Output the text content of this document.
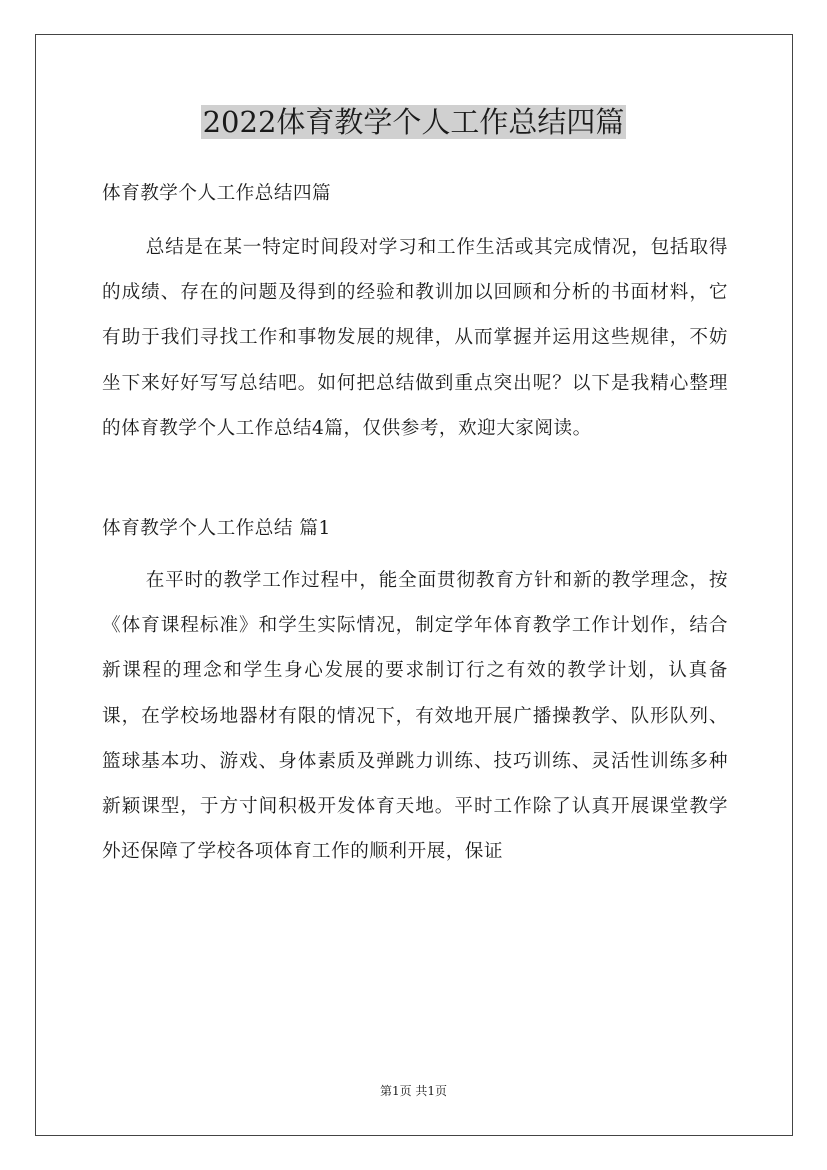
2022体育教学个人工作总结四篇

体育教学个人工作总结四篇

总结是在某一特定时间段对学习和工作生活或其完成情况，包括取得的成绩、存在的问题及得到的经验和教训加以回顾和分析的书面材料，它有助于我们寻找工作和事物发展的规律，从而掌握并运用这些规律，不妨坐下来好好写写总结吧。如何把总结做到重点突出呢？以下是我精心整理的体育教学个人工作总结4篇，仅供参考，欢迎大家阅读。

体育教学个人工作总结 篇1

在平时的教学工作过程中，能全面贯彻教育方针和新的教学理念，按《体育课程标准》和学生实际情况，制定学年体育教学工作计划作，结合新课程的理念和学生身心发展的要求制订行之有效的教学计划，认真备课，在学校场地器材有限的情况下，有效地开展广播操教学、队形队列、篮球基本功、游戏、身体素质及弹跳力训练、技巧训练、灵活性训练多种新颖课型，于方寸间积极开发体育天地。平时工作除了认真开展课堂教学外还保障了学校各项体育工作的顺利开展，保证

第1页 共1页
